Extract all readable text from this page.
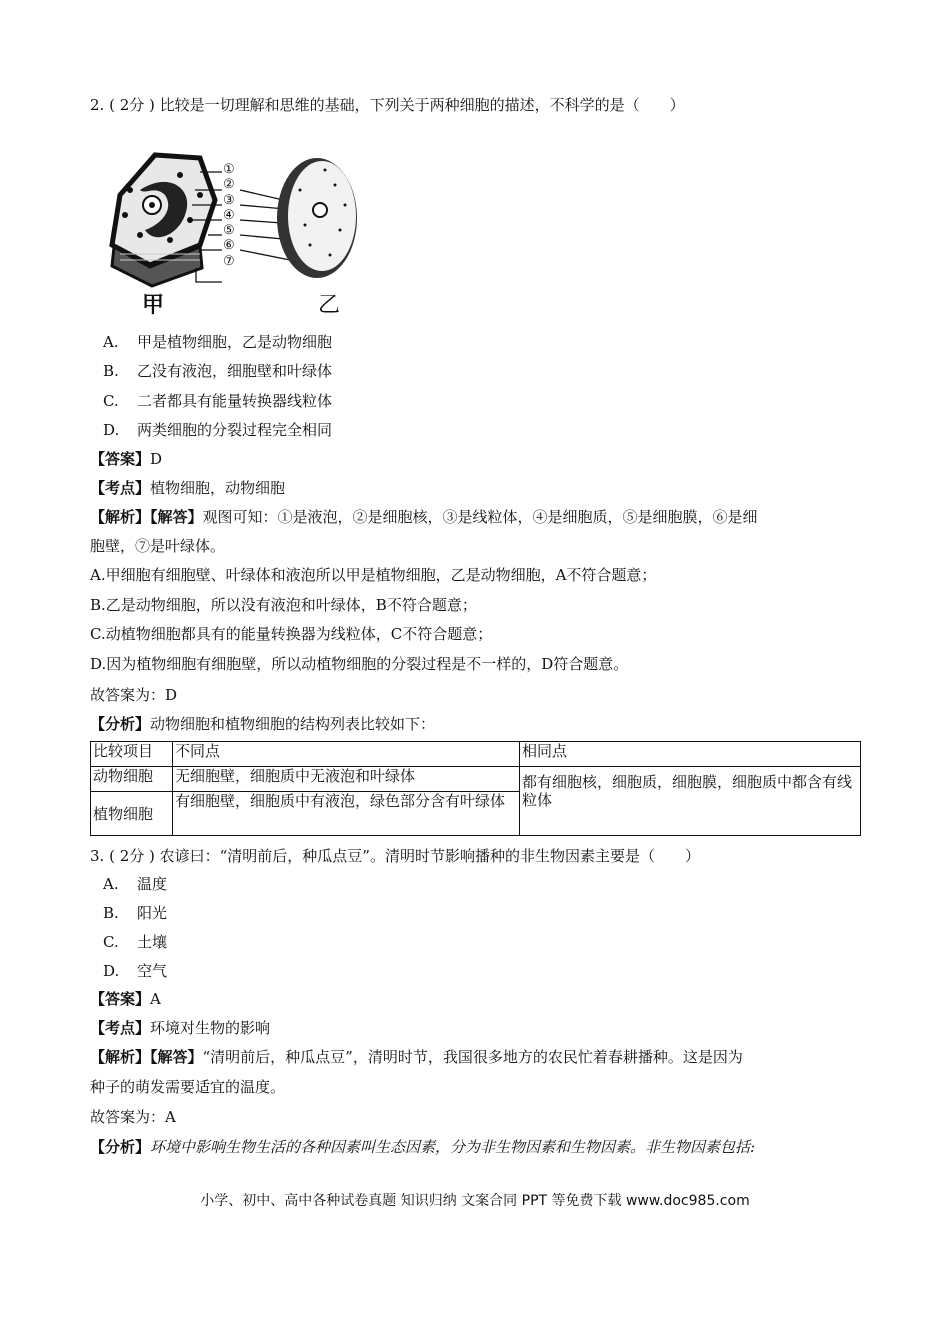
2. ( 2分 ) 比较是一切理解和思维的基础，下列关于两种细胞的描述，不科学的是（　　）
①
②
③
④
⑤
⑥
⑦
甲	乙
A. 甲是植物细胞，乙是动物细胞
B. 乙没有液泡，细胞壁和叶绿体
C. 二者都具有能量转换器线粒体
D. 两类细胞的分裂过程完全相同
【答案】D
【考点】植物细胞，动物细胞
【解析】【解答】观图可知：①是液泡，②是细胞核，③是线粒体，④是细胞质，⑤是细胞膜，⑥是细
胞壁，⑦是叶绿体。
A.甲细胞有细胞壁、叶绿体和液泡所以甲是植物细胞，乙是动物细胞，A不符合题意；
B.乙是动物细胞，所以没有液泡和叶绿体，B不符合题意；
C.动植物细胞都具有的能量转换器为线粒体，C不符合题意；
D.因为植物细胞有细胞壁，所以动植物细胞的分裂过程是不一样的，D符合题意。
故答案为：D
【分析】动物细胞和植物细胞的结构列表比较如下：
比较项目	不同点	相同点
动物细胞	无细胞壁，细胞质中无液泡和叶绿体	都有细胞核，细胞质，细胞膜，细胞质中都含有线粒体
植物细胞	有细胞壁，细胞质中有液泡，绿色部分含有叶绿体	
3. ( 2分 ) 农谚曰：“清明前后，种瓜点豆”。清明时节影响播种的非生物因素主要是（　　）
A. 温度
B. 阳光
C. 土壤
D. 空气
【答案】A
【考点】环境对生物的影响
【解析】【解答】“清明前后，种瓜点豆”，清明时节，我国很多地方的农民忙着春耕播种。这是因为
种子的萌发需要适宜的温度。
故答案为：A
【分析】环境中影响生物生活的各种因素叫生态因素，分为非生物因素和生物因素。非生物因素包括:
小学、初中、高中各种试卷真题 知识归纳 文案合同 PPT 等免费下载 www.doc985.com
